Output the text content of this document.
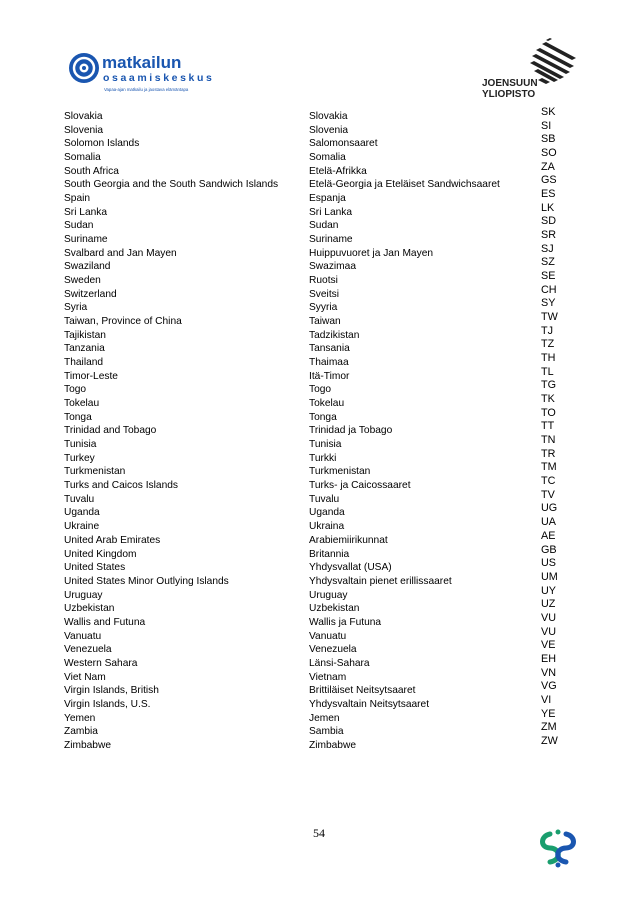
matkailun
osaamiskeskus
Vapaa-ajan matkailu ja jaostava elämäntapa
JOENSUUN
YLIOPISTO
Slovakia	Slovakia	SK
Slovenia	Slovenia	SI
Solomon Islands	Salomonsaaret	SB
Somalia	Somalia	SO
South Africa	Etelä-Afrikka	ZA
South Georgia and the South Sandwich Islands	Etelä-Georgia ja Eteläiset Sandwichsaaret	GS
Spain	Espanja	ES
Sri Lanka	Sri Lanka	LK
Sudan	Sudan	SD
Suriname	Suriname	SR
Svalbard and Jan Mayen	Huippuvuoret ja Jan Mayen	SJ
Swaziland	Swazimaa	SZ
Sweden	Ruotsi	SE
Switzerland	Sveitsi	CH
Syria	Syyria	SY
Taiwan, Province of China	Taiwan	TW
Tajikistan	Tadzikistan	TJ
Tanzania	Tansania	TZ
Thailand	Thaimaa	TH
Timor-Leste	Itä-Timor	TL
Togo	Togo	TG
Tokelau	Tokelau	TK
Tonga	Tonga	TO
Trinidad and Tobago	Trinidad ja Tobago	TT
Tunisia	Tunisia	TN
Turkey	Turkki	TR
Turkmenistan	Turkmenistan	TM
Turks and Caicos Islands	Turks- ja Caicossaaret	TC
Tuvalu	Tuvalu	TV
Uganda	Uganda	UG
Ukraine	Ukraina	UA
United Arab Emirates	Arabiemiirikunnat	AE
United Kingdom	Britannia	GB
United States	Yhdysvallat (USA)	US
United States Minor Outlying Islands	Yhdysvaltain pienet erillissaaret	UM
Uruguay	Uruguay	UY
Uzbekistan	Uzbekistan	UZ
Wallis and Futuna	Wallis ja Futuna	VU
Vanuatu	Vanuatu	VU
Venezuela	Venezuela	VE
Western Sahara	Länsi-Sahara	EH
Viet Nam	Vietnam	VN
Virgin Islands, British	Brittiläiset Neitsytsaaret	VG
Virgin Islands, U.S.	Yhdysvaltain Neitsytsaaret	VI
Yemen	Jemen	YE
Zambia	Sambia	ZM
Zimbabwe	Zimbabwe	ZW
54
